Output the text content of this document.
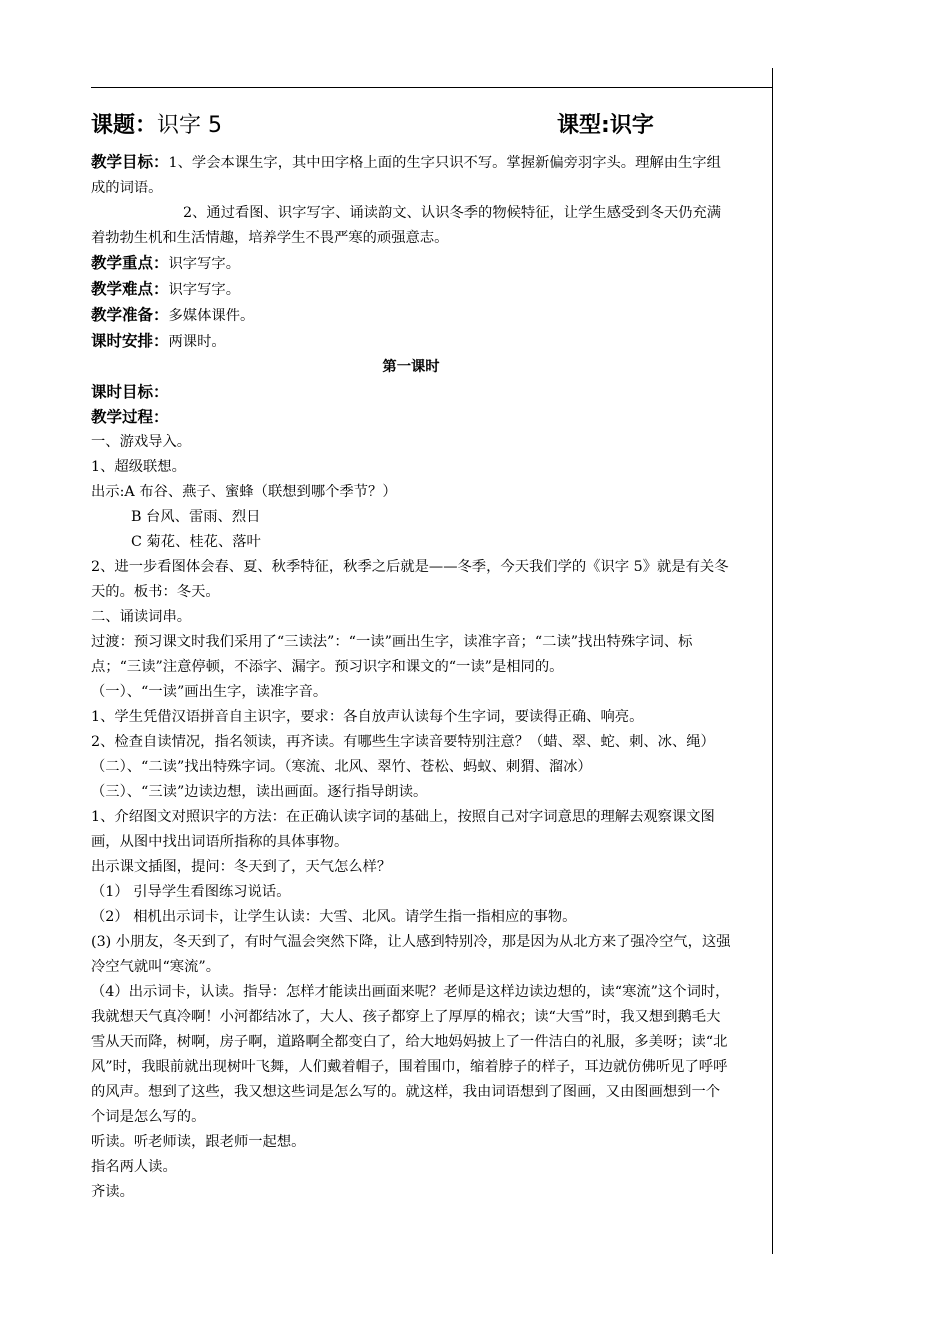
课题：识字 5	课型:识字

教学目标：1、学会本课生字，其中田字格上面的生字只识不写。掌握新偏旁羽字头。理解由生字组成的词语。

2、通过看图、识字写字、诵读韵文、认识冬季的物候特征，让学生感受到冬天仍充满着勃勃生机和生活情趣，培养学生不畏严寒的顽强意志。

教学重点：识字写字。

教学难点：识字写字。

教学准备：多媒体课件。

课时安排：两课时。

第一课时

课时目标：

教学过程：

一、游戏导入。

1、超级联想。

出示:A 布谷、燕子、蜜蜂（联想到哪个季节？）

B 台风、雷雨、烈日

C 菊花、桂花、落叶

2、进一步看图体会春、夏、秋季特征，秋季之后就是——冬季，今天我们学的《识字 5》就是有关冬天的。板书：冬天。

二、诵读词串。

过渡：预习课文时我们采用了“三读法”：“一读”画出生字，读准字音；“二读”找出特殊字词、标点；“三读”注意停顿，不添字、漏字。预习识字和课文的“一读”是相同的。

（一）、“一读”画出生字，读准字音。

1、学生凭借汉语拼音自主识字，要求：各自放声认读每个生字词，要读得正确、响亮。

2、检查自读情况，指名领读，再齐读。有哪些生字读音要特别注意？（蜡、翠、蛇、刺、冰、绳）

（二）、“二读”找出特殊字词。（寒流、北风、翠竹、苍松、蚂蚁、刺猬、溜冰）

（三）、“三读”边读边想，读出画面。逐行指导朗读。

1、介绍图文对照识字的方法：在正确认读字词的基础上，按照自己对字词意思的理解去观察课文图画，从图中找出词语所指称的具体事物。

出示课文插图，提问：冬天到了，天气怎么样？

（1） 引导学生看图练习说话。

（2） 相机出示词卡，让学生认读：大雪、北风。请学生指一指相应的事物。

(3) 小朋友，冬天到了，有时气温会突然下降，让人感到特别冷，那是因为从北方来了强冷空气，这强冷空气就叫“寒流”。

（4）出示词卡，认读。指导：怎样才能读出画面来呢？老师是这样边读边想的，读“寒流”这个词时，我就想天气真冷啊！小河都结冰了，大人、孩子都穿上了厚厚的棉衣；读“大雪”时，我又想到鹅毛大雪从天而降，树啊，房子啊，道路啊全都变白了，给大地妈妈披上了一件洁白的礼服，多美呀；读“北风”时，我眼前就出现树叶飞舞，人们戴着帽子，围着围巾，缩着脖子的样子，耳边就仿佛听见了呼呼的风声。想到了这些，我又想这些词是怎么写的。就这样，我由词语想到了图画，又由图画想到一个个词是怎么写的。

听读。听老师读，跟老师一起想。

指名两人读。

齐读。
